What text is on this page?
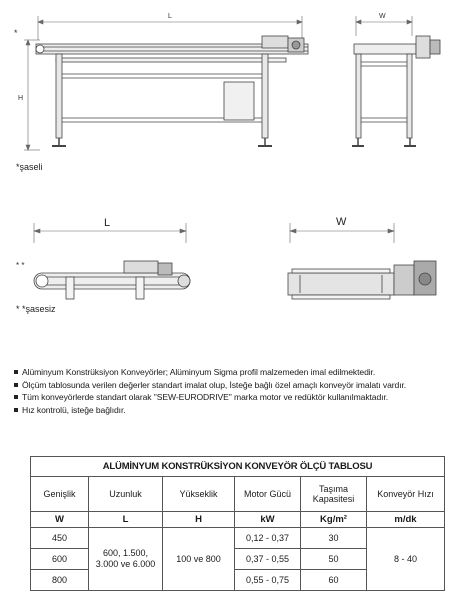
L
H
*
W
*şaseli
L
* *
W
* *şasesiz
Alüminyum Konstrüksiyon Konveyörler; Alüminyum Sigma profil malzemeden imal edilmektedir.
Ölçüm tablosunda verilen değerler standart imalat olup, İsteğe bağlı özel amaçlı konveyör imalatı vardır.
Tüm konveyörlerde standart olarak "SEW-EURODRIVE" marka motor ve redüktör kullanılmaktadır.
Hız kontrolü, isteğe bağlıdır.
ALÜMİNYUM KONSTRÜKSİYON KONVEYÖR ÖLÇÜ TABLOSU					
Genişlik	Uzunluk	Yükseklik	Motor Gücü	Taşıma Kapasitesi	Konveyör Hızı
W	L	H	kW	Kg/m²	m/dk
450	600, 1.500, 3.000 ve 6.000	100 ve 800	0,12 - 0,37	30	8 - 40
600			0,37 - 0,55	50	
800			0,55 - 0,75	60	
